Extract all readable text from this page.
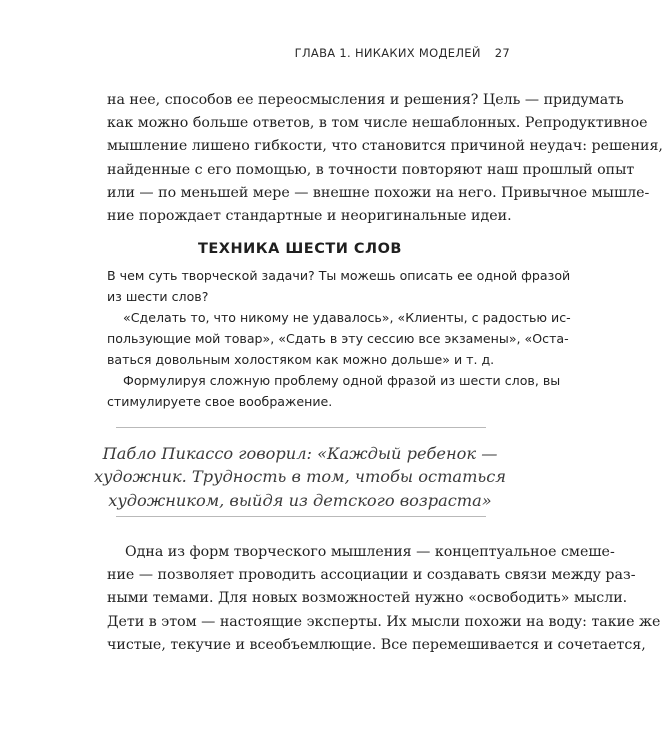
ГЛАВА 1. НИКАКИХ МОДЕЛЕЙ 27
на нее, способов ее переосмысления и решения? Цель — придумать
как можно больше ответов, в том числе нешаблонных. Репродуктивное
мышление лишено гибкости, что становится причиной неудач: решения,
найденные с его помощью, в точности повторяют наш прошлый опыт
или — по меньшей мере — внешне похожи на него. Привычное мышле-
ние порождает стандартные и неоригинальные идеи.
ТЕХНИКА ШЕСТИ СЛОВ
В чем суть творческой задачи? Ты можешь описать ее одной фразой
из шести слов?
«Сделать то, что никому не удавалось», «Клиенты, с радостью ис-
пользующие мой товар», «Сдать в эту сессию все экзамены», «Оста-
ваться довольным холостяком как можно дольше» и т. д.
Формулируя сложную проблему одной фразой из шести слов, вы
стимулируете свое воображение.
Пабло Пикассо говорил: «Каждый ребенок —
художник. Трудность в том, чтобы остаться
художником, выйдя из детского возраста»
Одна из форм творческого мышления — концептуальное смеше-
ние — позволяет проводить ассоциации и создавать связи между раз-
ными темами. Для новых возможностей нужно «освободить» мысли.
Дети в этом — настоящие эксперты. Их мысли похожи на воду: такие же
чистые, текучие и всеобъемлющие. Все перемешивается и сочетается,
